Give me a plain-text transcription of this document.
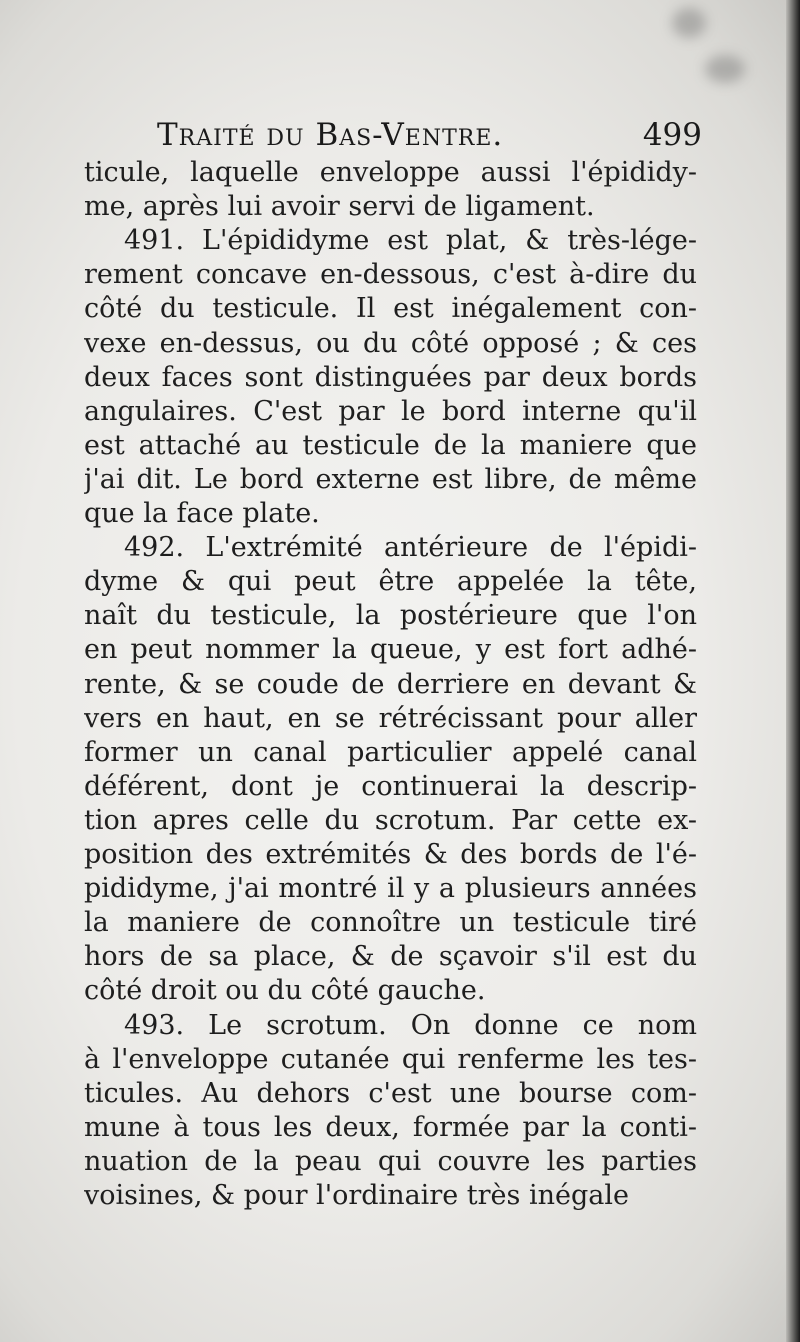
Traité du Bas-Ventre.	499
ticule, laquelle enveloppe aussi l'épididy-
me, après lui avoir servi de ligament.
491. L'épididyme est plat, & très-lége-
rement concave en-dessous, c'est à-dire du
côté du testicule. Il est inégalement con-
vexe en-dessus, ou du côté opposé ; & ces
deux faces sont distinguées par deux bords
angulaires. C'est par le bord interne qu'il
est attaché au testicule de la maniere que
j'ai dit. Le bord externe est libre, de même
que la face plate.
492. L'extrémité antérieure de l'épidi-
dyme & qui peut être appelée la tête,
naît du testicule, la postérieure que l'on
en peut nommer la queue, y est fort adhé-
rente, & se coude de derriere en devant &
vers en haut, en se rétrécissant pour aller
former un canal particulier appelé canal
déférent, dont je continuerai la descrip-
tion apres celle du scrotum. Par cette ex-
position des extrémités & des bords de l'é-
pididyme, j'ai montré il y a plusieurs années
la maniere de connoître un testicule tiré
hors de sa place, & de sçavoir s'il est du
côté droit ou du côté gauche.
493. Le scrotum. On donne ce nom
à l'enveloppe cutanée qui renferme les tes-
ticules. Au dehors c'est une bourse com-
mune à tous les deux, formée par la conti-
nuation de la peau qui couvre les parties
voisines, & pour l'ordinaire très inégale
